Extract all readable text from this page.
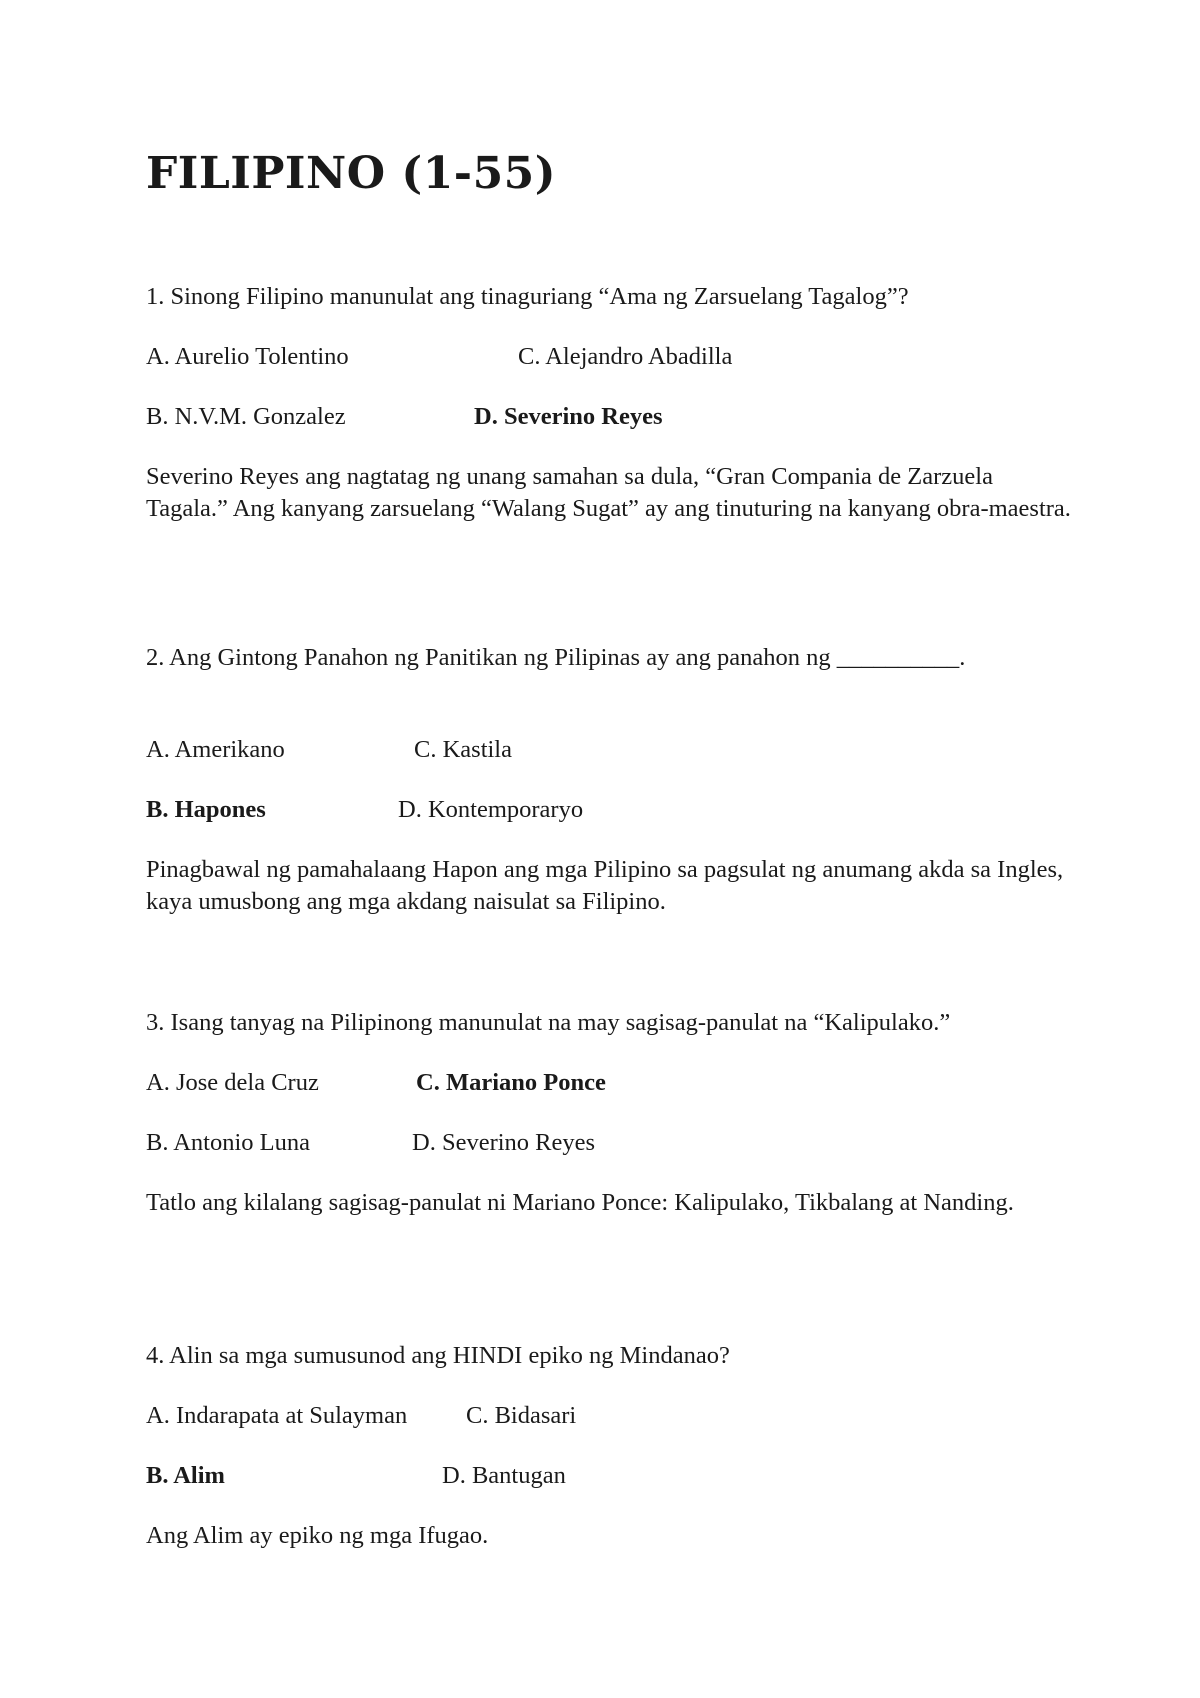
FILIPINO (1-55)
1. Sinong Filipino manunulat ang tinaguriang “Ama ng Zarsuelang Tagalog”?
A. Aurelio Tolentino	C. Alejandro Abadilla
B. N.V.M. Gonzalez	D. Severino Reyes

Severino Reyes ang nagtatag ng unang samahan sa dula, “Gran Compania de Zarzuela Tagala.” Ang kanyang zarsuelang “Walang Sugat” ay ang tinuturing na kanyang obra-maestra.

2. Ang Gintong Panahon ng Panitikan ng Pilipinas ay ang panahon ng __________.

A. Amerikano	C. Kastila
B. Hapones	D. Kontemporaryo

Pinagbawal ng pamahalaang Hapon ang mga Pilipino sa pagsulat ng anumang akda sa Ingles, kaya umusbong ang mga akdang naisulat sa Filipino.

3. Isang tanyag na Pilipinong manunulat na may sagisag-panulat na “Kalipulako.”
A. Jose dela Cruz	C. Mariano Ponce
B. Antonio Luna	D. Severino Reyes

Tatlo ang kilalang sagisag-panulat ni Mariano Ponce: Kalipulako, Tikbalang at Nanding.

4. Alin sa mga sumusunod ang HINDI epiko ng Mindanao?
A. Indarapata at Sulayman C. Bidasari
B. Alim	D. Bantugan
Ang Alim ay epiko ng mga Ifugao.
